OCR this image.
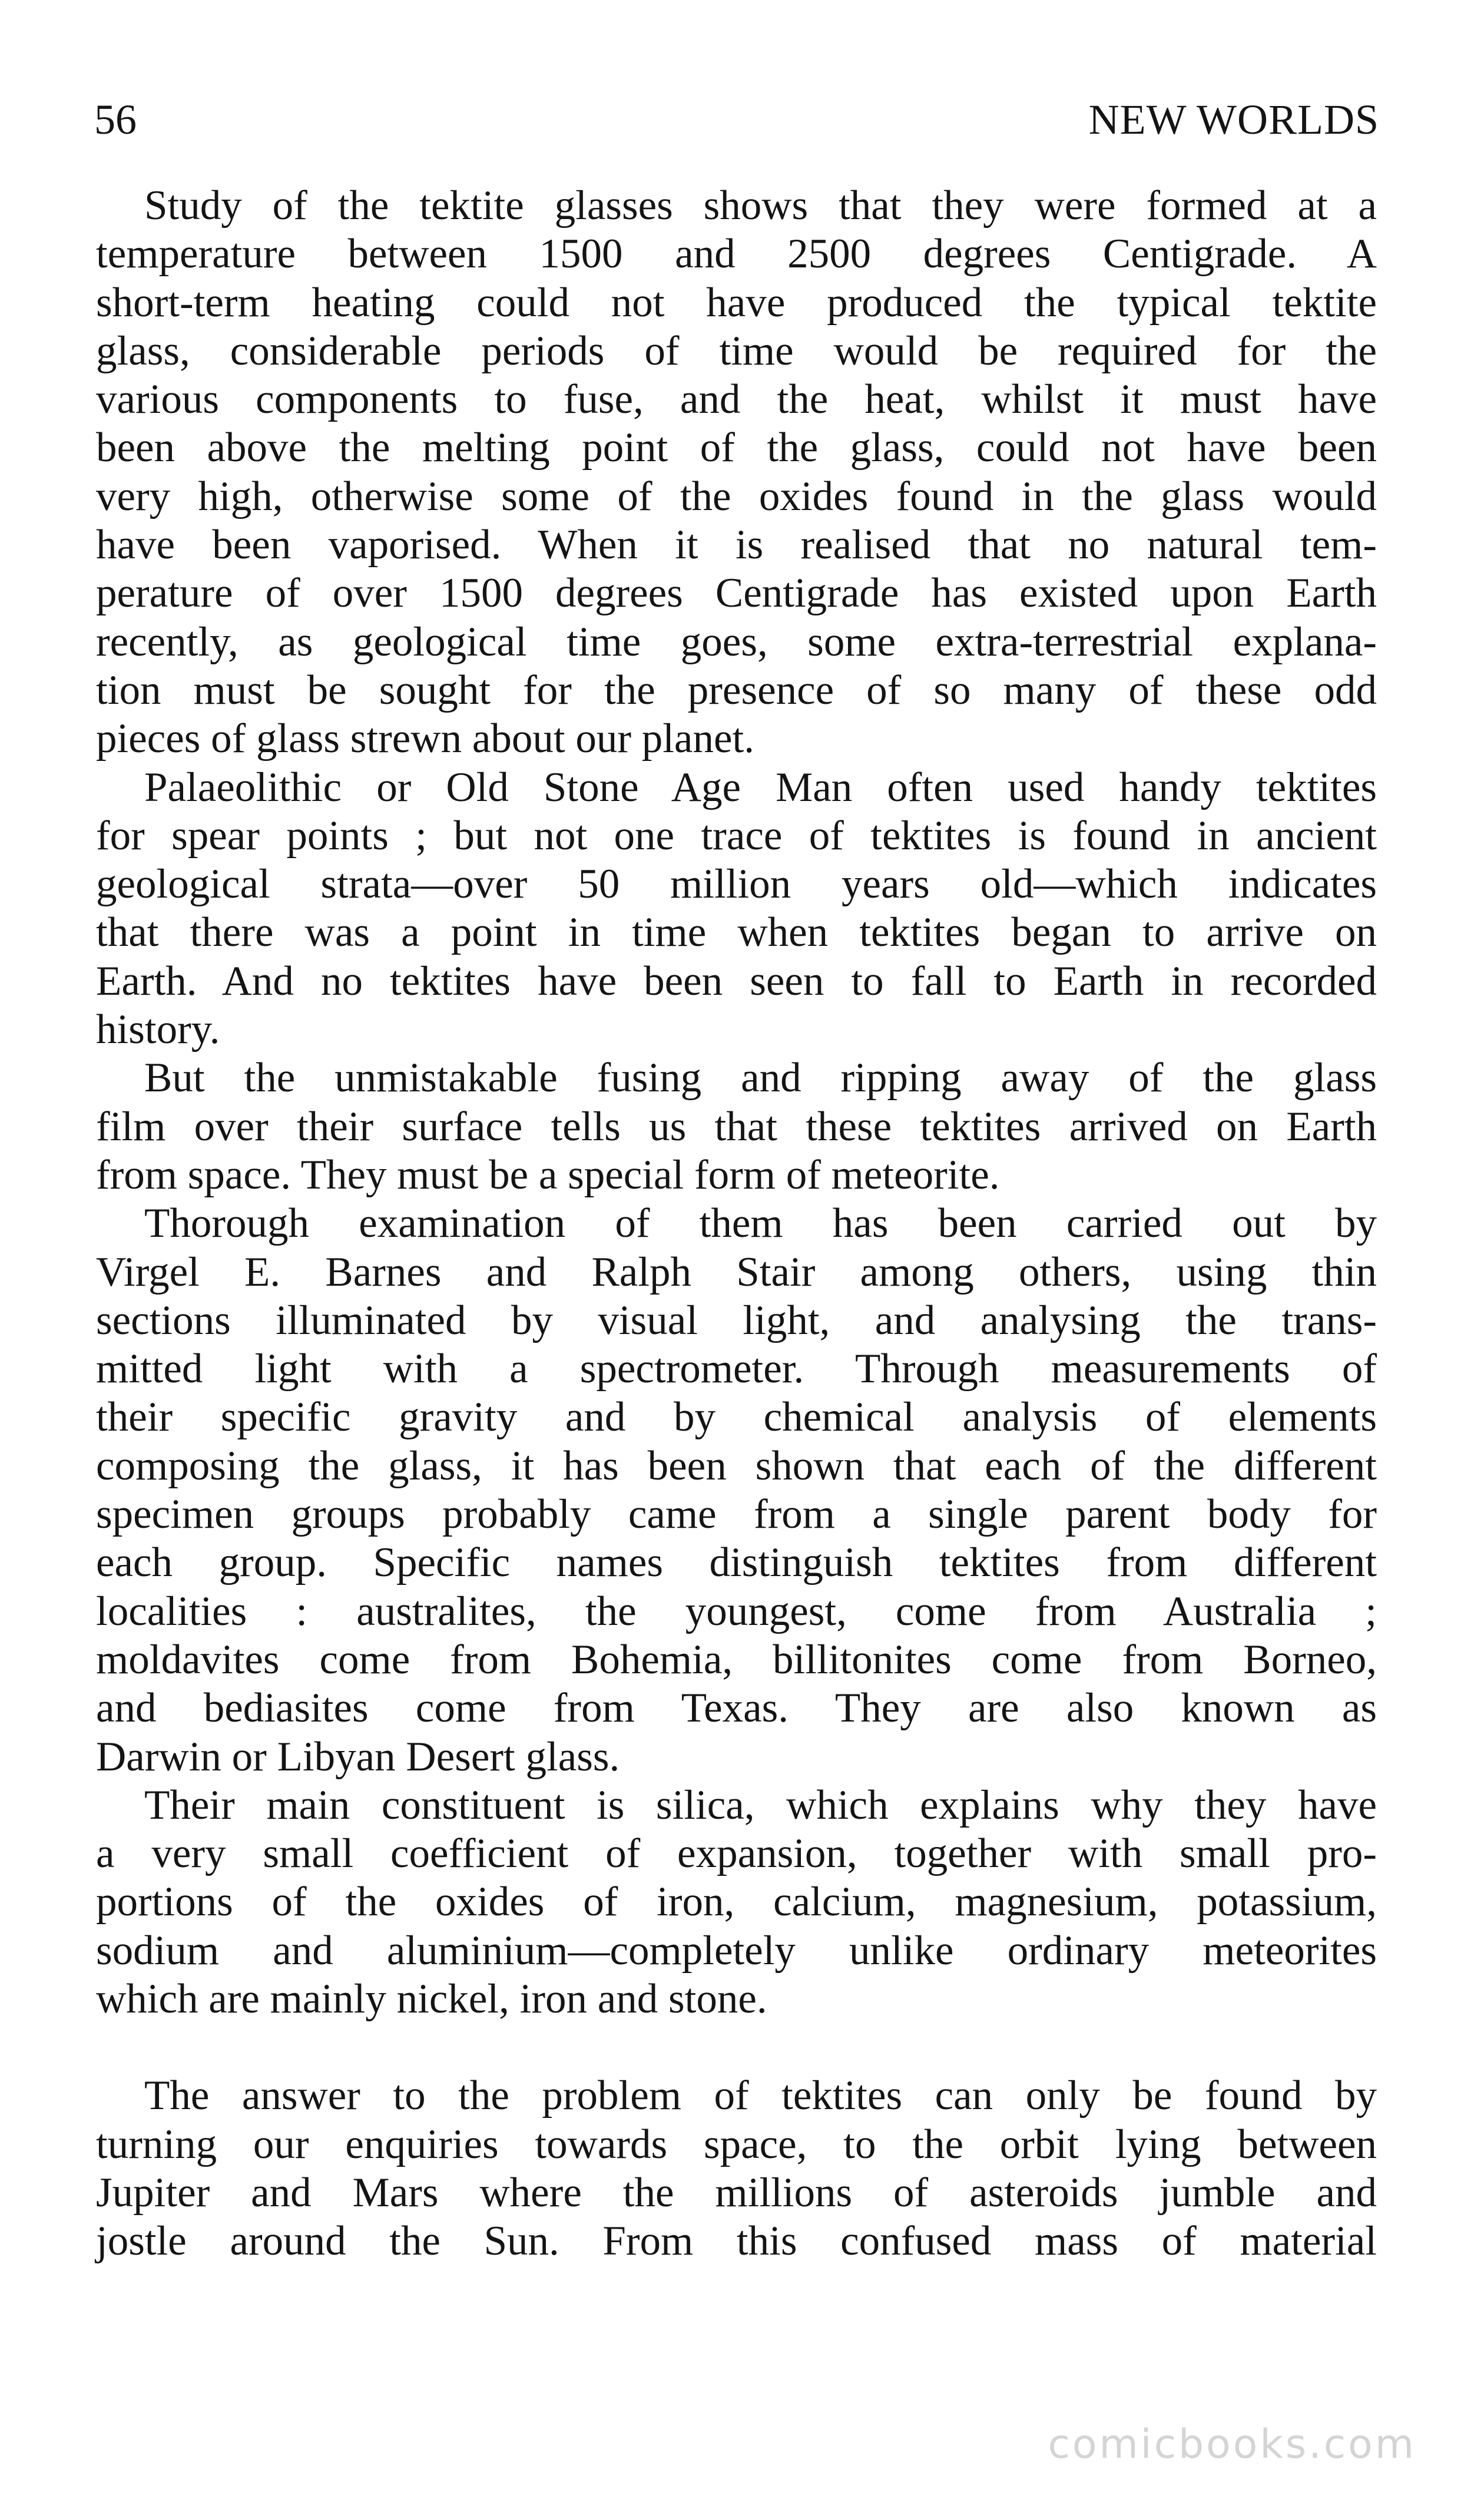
56	NEW WORLDS

Study of the tektite glasses shows that they were formed at a
temperature between 1500 and 2500 degrees Centigrade. A
short-term heating could not have produced the typical tektite
glass, considerable periods of time would be required for the
various components to fuse, and the heat, whilst it must have
been above the melting point of the glass, could not have been
very high, otherwise some of the oxides found in the glass would
have been vaporised. When it is realised that no natural tem-
perature of over 1500 degrees Centigrade has existed upon Earth
recently, as geological time goes, some extra-terrestrial explana-
tion must be sought for the presence of so many of these odd
pieces of glass strewn about our planet.

Palaeolithic or Old Stone Age Man often used handy tektites
for spear points ; but not one trace of tektites is found in ancient
geological strata—over 50 million years old—which indicates
that there was a point in time when tektites began to arrive on
Earth. And no tektites have been seen to fall to Earth in recorded
history.

But the unmistakable fusing and ripping away of the glass
film over their surface tells us that these tektites arrived on Earth
from space. They must be a special form of meteorite.

Thorough examination of them has been carried out by
Virgel E. Barnes and Ralph Stair among others, using thin
sections illuminated by visual light, and analysing the trans-
mitted light with a spectrometer. Through measurements of
their specific gravity and by chemical analysis of elements
composing the glass, it has been shown that each of the different
specimen groups probably came from a single parent body for
each group. Specific names distinguish tektites from different
localities : australites, the youngest, come from Australia ;
moldavites come from Bohemia, billitonites come from Borneo,
and bediasites come from Texas. They are also known as
Darwin or Libyan Desert glass.

Their main constituent is silica, which explains why they have
a very small coefficient of expansion, together with small pro-
portions of the oxides of iron, calcium, magnesium, potassium,
sodium and aluminium—completely unlike ordinary meteorites
which are mainly nickel, iron and stone.

The answer to the problem of tektites can only be found by
turning our enquiries towards space, to the orbit lying between
Jupiter and Mars where the millions of asteroids jumble and
jostle around the Sun. From this confused mass of material

comicbooks.com
